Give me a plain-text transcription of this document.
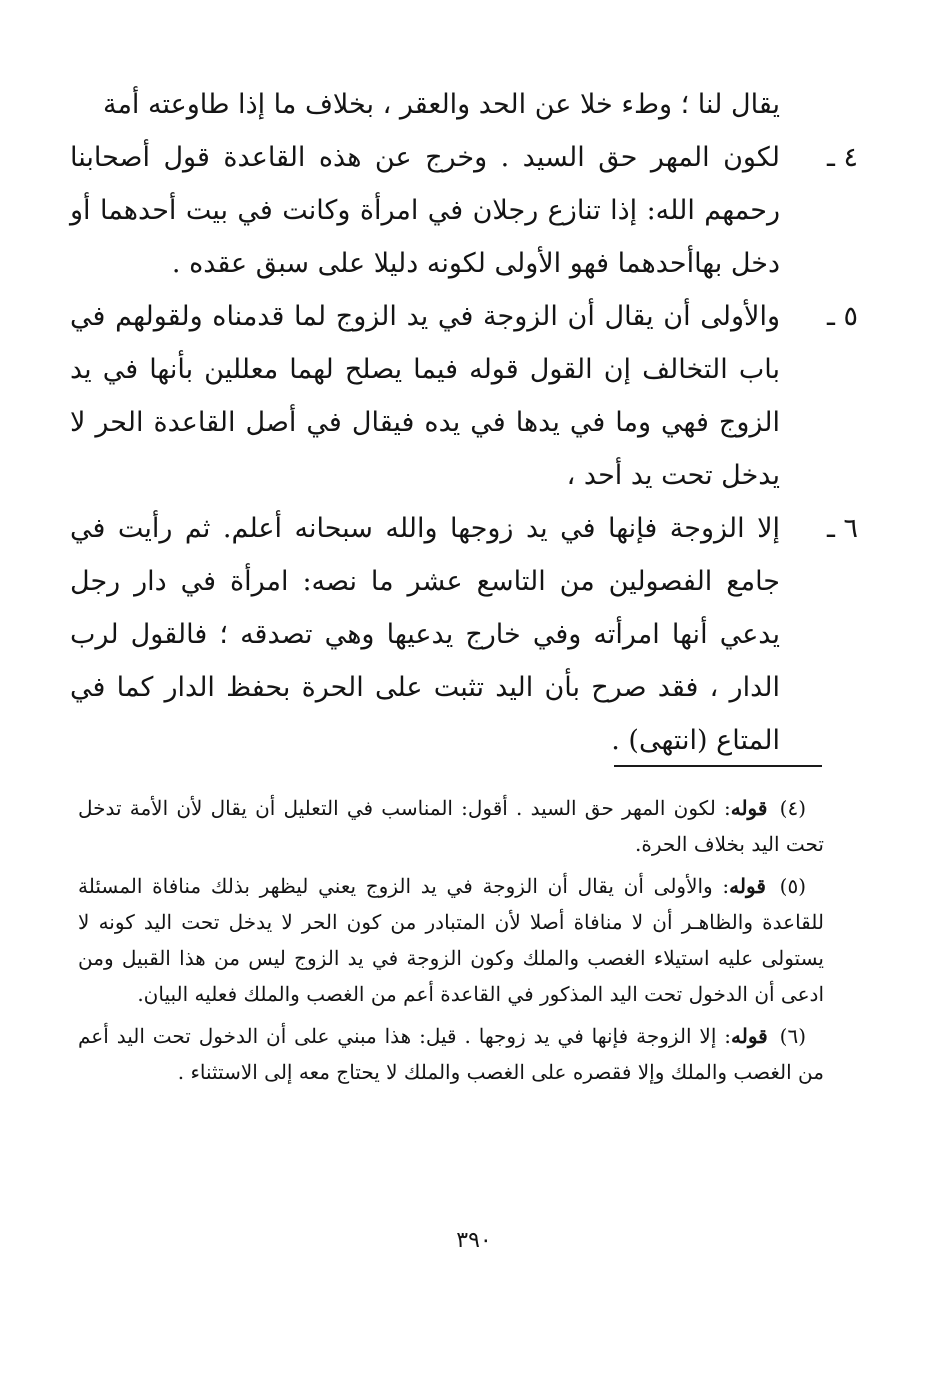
يقال لنا ؛ وطء خلا عن الحد والعقر ، بخلاف ما إذا طاوعته أمة

٤ ـ

لكون المهر حق السيد . وخرج عن هذه القاعدة قول أصحابنا رحمهم الله: إذا تنازع رجلان في امرأة وكانت في بيت أحدهما أو دخل بهاأحدهما فهو الأولى لكونه دليلا على سبق عقده .

٥ ـ

والأولى أن يقال أن الزوجة في يد الزوج لما قدمناه ولقولهم في باب التخالف إن القول قوله فيما يصلح لهما معللين بأنها في يد الزوج فهي وما في يدها في يده فيقال في أصل القاعدة الحر لا يدخل تحت يد أحد ،

٦ ـ

إلا الزوجة فإنها في يد زوجها والله سبحانه أعلم. ثم رأيت في جامع الفصولين من التاسع عشر ما نصه: امرأة في دار رجل يدعي أنها امرأته وفي خارج يدعيها وهي تصدقه ؛ فالقول لرب الدار ، فقد صرح بأن اليد تثبت على الحرة بحفظ الدار كما في المتاع (انتهى) .

(٤) قوله: لكون المهر حق السيد . أقول: المناسب في التعليل أن يقال لأن الأمة تدخل تحت اليد بخلاف الحرة.

(٥) قوله: والأولى أن يقال أن الزوجة في يد الزوج يعني ليظهر بذلك منافاة المسئلة للقاعدة والظاهـر أن لا منافاة أصلا لأن المتبادر من كون الحر لا يدخل تحت اليد كونه لا يستولى عليه استيلاء الغصب والملك وكون الزوجة في يد الزوج ليس من هذا القبيل ومن ادعى أن الدخول تحت اليد المذكور في القاعدة أعم من الغصب والملك فعليه البيان.

(٦) قوله: إلا الزوجة فإنها في يد زوجها . قيل: هذا مبني على أن الدخول تحت اليد أعم من الغصب والملك وإلا فقصره على الغصب والملك لا يحتاج معه إلى الاستثناء .

٣٩٠
